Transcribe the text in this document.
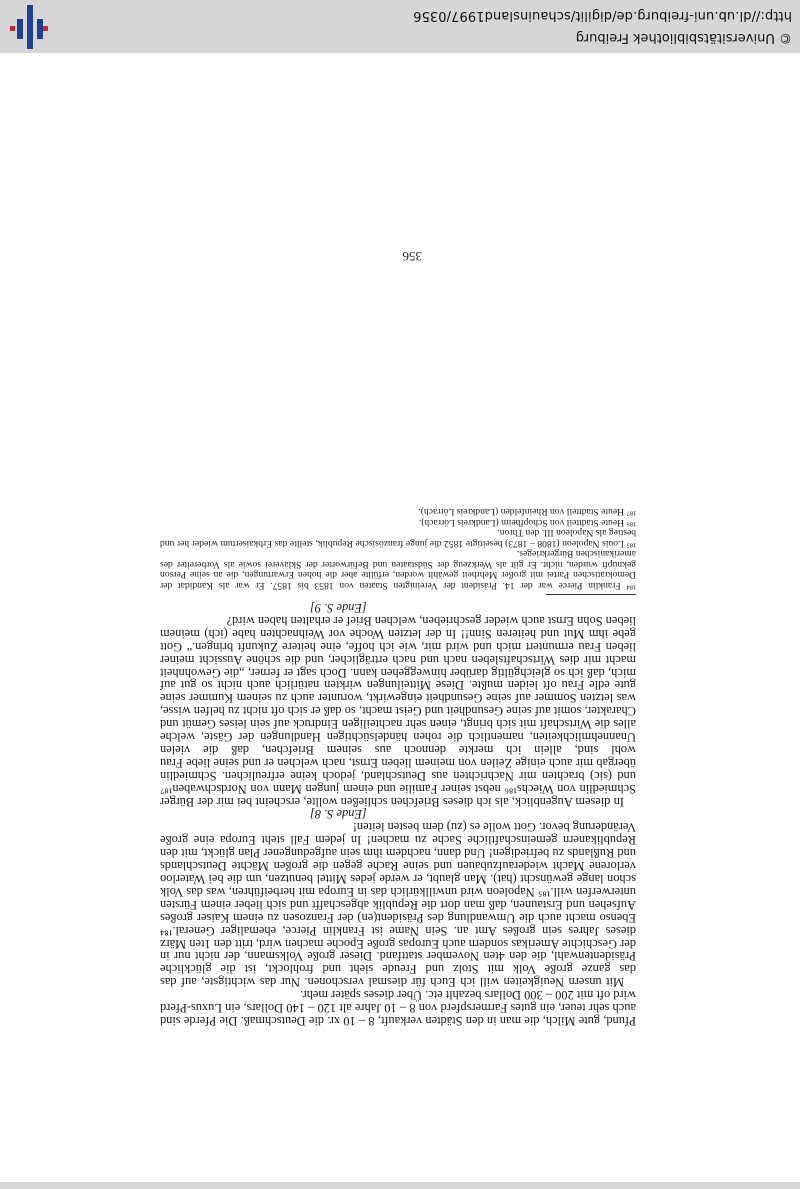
Pfund, gute Milch, die man in den Städten verkauft, 8 – 10 xr. die Deutschmaß. Die Pferde sind auch sehr teuer, ein gutes Farmerspferd von 8 – 10 Jahre alt 120 – 140 Dollars, ein Luxus-Pferd wird oft mit 200 – 300 Dollars bezahlt etc. Über dieses später mehr.

Mit unsern Neuigkeiten will ich Euch für diesmal verschonen. Nur das wichtigste, auf das das ganze große Volk mit Stolz und Freude sieht und frohlockt, ist die glückliche Präsidentenwahl, die den 4ten November stattfand. Dieser große Volksmann, der nicht nur in der Geschichte Amerikas sondern auch Europas große Epoche machen wird, tritt den 1ten März dieses Jahres sein großes Amt an. Sein Name ist Franklin Pierce, ehemaliger General.¹⁸⁴ Ebenso macht auch die Umwandlung des Präsident(en) der Franzosen zu einem Kaiser großes Aufsehen und Erstaunen, daß man dort die Republik abgeschafft und sich lieber einem Fürsten unterwerfen will.¹⁸⁵ Napoleon wird unwillkürlich das in Europa mit herbeiführen, was das Volk schon lange gewünscht (hat). Man glaubt, er werde jedes Mittel benutzen, um die bei Waterloo verlorene Macht wiederaufzubauen und seine Rache gegen die großen Mächte Deutschlands und Rußlands zu befriedigen! Und dann, nachdem ihm sein aufgedungener Plan glückt, mit den Republikanern gemeinschaftliche Sache zu machen! In jedem Fall steht Europa eine große Veränderung bevor. Gott wolle es (zu) dem besten leiten!

[Ende S. 8]

In diesem Augenblick, als ich dieses Briefchen schließen wollte, erscheint bei mir der Bürger Schmiedlin von Wiechs¹⁸⁶ nebst seiner Familie und einem jungen Mann von Nordschwaben¹⁸⁷ und (sic) brachten mir Nachrichten aus Deutschland, jedoch keine erfreulichen. Schmiedlin übergab mir auch einige Zeilen von meinem lieben Ernst, nach welchen er und seine liebe Frau wohl sind, allein ich merkte dennoch aus seinem Briefchen, daß die vielen Unannehmlichkeiten, namentlich die rohen händelsüchtigen Handlungen der Gäste, welche alles die Wirtschaft mit sich bringt, einen sehr nachteiligen Eindruck auf sein leises Gemüt und Charakter, somit auf seine Gesundheit und Geist macht, so daß er sich oft nicht zu helfen wisse, was letzten Sommer auf seine Gesundheit eingewirkt, worunter auch zu seinem Kummer seine gute edle Frau oft leiden mußte. Diese Mitteilungen wirkten natürlich auch nicht so gut auf mich, daß ich so gleichgültig darüber hinweggehen kann. Doch sagt er ferner, „die Gewohnheit macht mir dies Wirtschaftsleben nach und nach erträglicher, und die schöne Aussicht meiner lieben Frau ermuntert mich und wird mir, wie ich hoffe, eine heitere Zukunft bringen.“ Gott gebe ihm Mut und heiteren Sinn!! In der letzten Woche vor Weihnachten habe (ich) meinem lieben Sohn Ernst auch wieder geschrieben, welchen Brief er erhalten haben wird?

[Ende S. 9]

¹⁸⁴ Franklin Pierce war der 14. Präsident der Vereinigten Staaten von 1853 bis 1857. Er war als Kandidat der Demokratischen Partei mit großer Mehrheit gewählt worden, erfüllte aber die hohen Erwartungen, die an seine Person geknüpft wurden, nicht. Er gilt als Werkzeug der Südstaaten und Befürworter der Sklaverei sowie als Vorbereiter des amerikanischen Bürgerkrieges.

¹⁸⁵ Louis Napoleon (1808 – 1873) beseitigte 1852 die junge französische Republik, stellte das Erbkaisertum wieder her und bestieg als Napoleon III. den Thron.

¹⁸⁶ Heute Stadtteil von Schopfheim (Landkreis Lörrach).

¹⁸⁷ Heute Stadtteil von Rheinfelden (Landkreis Lörrach).

356
© Universitätsbibliothek Freiburg
http://dl.ub.uni-freiburg.de/digilit/schauinsland1997/0356
